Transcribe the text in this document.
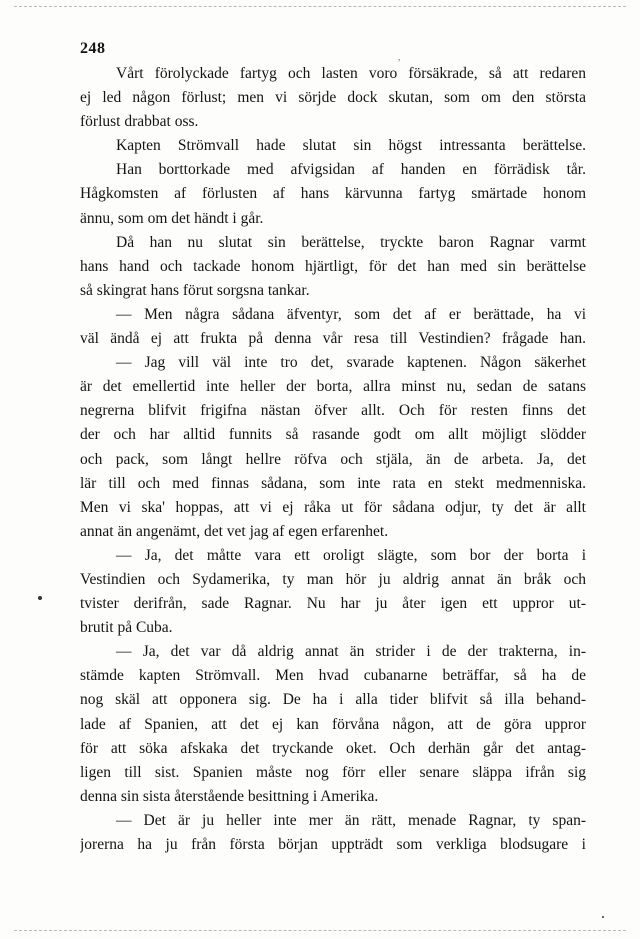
248	,
Vårt förolyckade fartyg och lasten voro försäkrade, så att redaren
ej led någon förlust; men vi sörjde dock skutan, som om den största
förlust drabbat oss.
Kapten Strömvall hade slutat sin högst intressanta berättelse.
Han borttorkade med afvigsidan af handen en förrädisk tår.
Hågkomsten af förlusten af hans kärvunna fartyg smärtade honom
ännu, som om det händt i går.
Då han nu slutat sin berättelse, tryckte baron Ragnar varmt
hans hand och tackade honom hjärtligt, för det han med sin berättelse
så skingrat hans förut sorgsna tankar.
— Men några sådana äfventyr, som det af er berättade, ha vi
väl ändå ej att frukta på denna vår resa till Vestindien? frågade han.
— Jag vill väl inte tro det, svarade kaptenen. Någon säkerhet
är det emellertid inte heller der borta, allra minst nu, sedan de satans
negrerna blifvit frigifna nästan öfver allt. Och för resten finns det
der och har alltid funnits så rasande godt om allt möjligt slödder
och pack, som långt hellre röfva och stjäla, än de arbeta. Ja, det
lär till och med finnas sådana, som inte rata en stekt medmenniska.
Men vi ska' hoppas, att vi ej råka ut för sådana odjur, ty det är allt
annat än angenämt, det vet jag af egen erfarenhet.
— Ja, det måtte vara ett oroligt slägte, som bor der borta i
Vestindien och Sydamerika, ty man hör ju aldrig annat än bråk och
tvister derifrån, sade Ragnar. Nu har ju åter igen ett uppror ut-
brutit på Cuba.
— Ja, det var då aldrig annat än strider i de der trakterna, in-
stämde kapten Strömvall. Men hvad cubanarne beträffar, så ha de
nog skäl att opponera sig. De ha i alla tider blifvit så illa behand-
lade af Spanien, att det ej kan förvåna någon, att de göra uppror
för att söka afskaka det tryckande oket. Och derhän går det antag-
ligen till sist. Spanien måste nog förr eller senare släppa ifrån sig
denna sin sista återstående besittning i Amerika.
— Det är ju heller inte mer än rätt, menade Ragnar, ty span-
jorerna ha ju från första början uppträdt som verkliga blodsugare i
